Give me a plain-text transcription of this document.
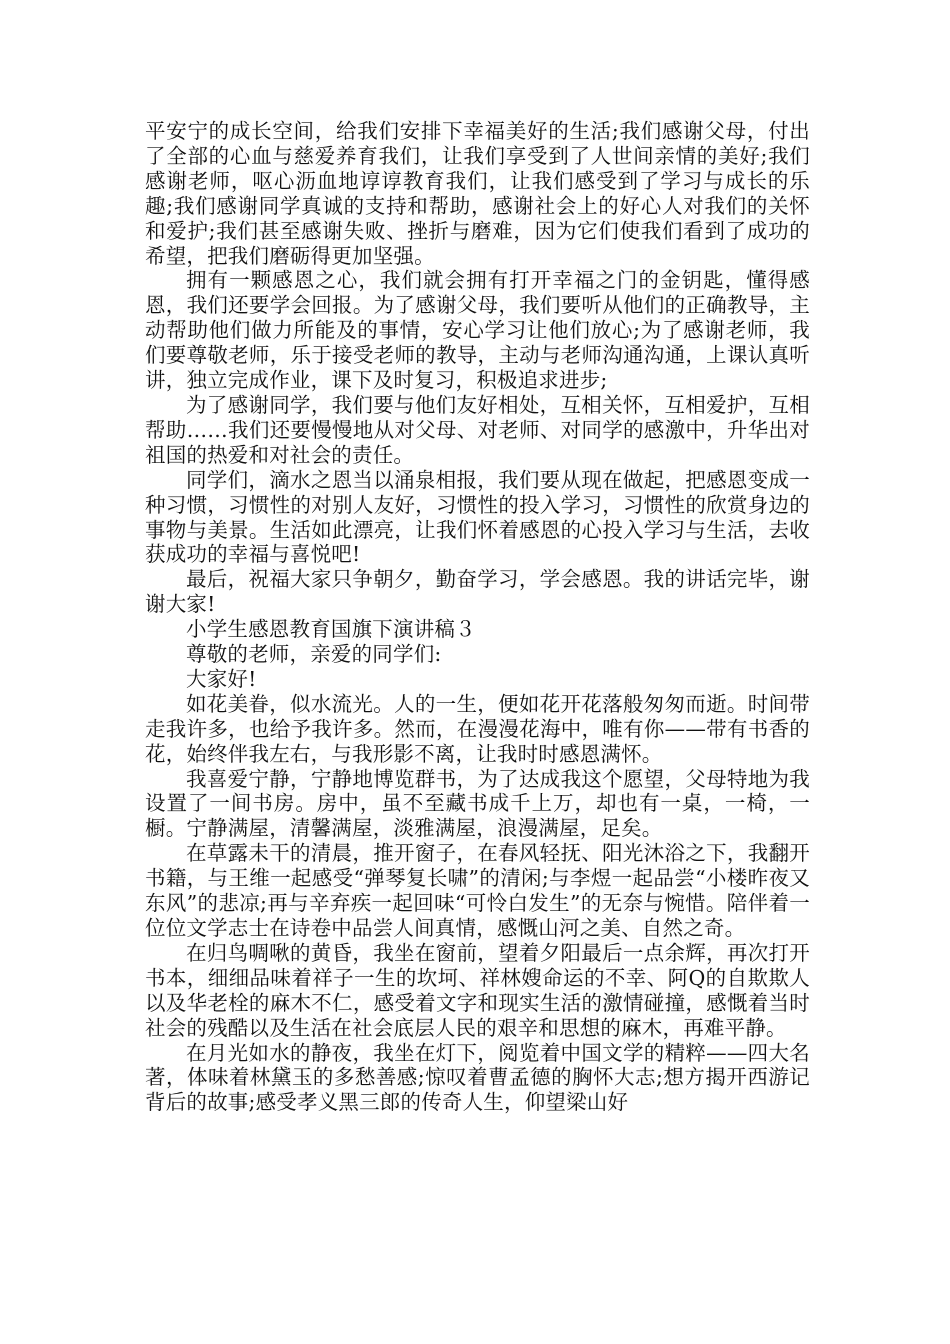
平安宁的成长空间，给我们安排下幸福美好的生活;我们感谢父母，付出了全部的心血与慈爱养育我们，让我们享受到了人世间亲情的美好;我们感谢老师，呕心沥血地谆谆教育我们，让我们感受到了学习与成长的乐趣;我们感谢同学真诚的支持和帮助，感谢社会上的好心人对我们的关怀和爱护;我们甚至感谢失败、挫折与磨难，因为它们使我们看到了成功的希望，把我们磨砺得更加坚强。

拥有一颗感恩之心，我们就会拥有打开幸福之门的金钥匙，懂得感恩，我们还要学会回报。为了感谢父母，我们要听从他们的正确教导，主动帮助他们做力所能及的事情，安心学习让他们放心;为了感谢老师，我们要尊敬老师，乐于接受老师的教导，主动与老师沟通沟通，上课认真听讲，独立完成作业，课下及时复习，积极追求进步;

为了感谢同学，我们要与他们友好相处，互相关怀，互相爱护，互相帮助……我们还要慢慢地从对父母、对老师、对同学的感激中，升华出对祖国的热爱和对社会的责任。

同学们，滴水之恩当以涌泉相报，我们要从现在做起，把感恩变成一种习惯，习惯性的对别人友好，习惯性的投入学习，习惯性的欣赏身边的事物与美景。生活如此漂亮，让我们怀着感恩的心投入学习与生活，去收获成功的幸福与喜悦吧!

最后，祝福大家只争朝夕，勤奋学习，学会感恩。我的讲话完毕，谢谢大家!

小学生感恩教育国旗下演讲稿３

尊敬的老师，亲爱的同学们:

大家好!

如花美眷，似水流光。人的一生，便如花开花落般匆匆而逝。时间带走我许多，也给予我许多。然而，在漫漫花海中，唯有你——带有书香的花，始终伴我左右，与我形影不离，让我时时感恩满怀。

我喜爱宁静，宁静地博览群书，为了达成我这个愿望，父母特地为我设置了一间书房。房中，虽不至藏书成千上万，却也有一桌，一椅，一橱。宁静满屋，清馨满屋，淡雅满屋，浪漫满屋，足矣。

在草露未干的清晨，推开窗子，在春风轻抚、阳光沐浴之下，我翻开书籍，与王维一起感受“弹琴复长啸”的清闲;与李煜一起品尝“小楼昨夜又东风”的悲凉;再与辛弃疾一起回味“可怜白发生”的无奈与惋惜。陪伴着一位位文学志士在诗卷中品尝人间真情，感慨山河之美、自然之奇。

在归鸟啁啾的黄昏，我坐在窗前，望着夕阳最后一点余辉，再次打开书本，细细品味着祥子一生的坎坷、祥林嫂命运的不幸、阿Q的自欺欺人以及华老栓的麻木不仁，感受着文字和现实生活的激情碰撞，感慨着当时社会的残酷以及生活在社会底层人民的艰辛和思想的麻木，再难平静。

在月光如水的静夜，我坐在灯下，阅览着中国文学的精粹——四大名著，体味着林黛玉的多愁善感;惊叹着曹孟德的胸怀大志;想方揭开西游记背后的故事;感受孝义黑三郎的传奇人生，仰望梁山好
